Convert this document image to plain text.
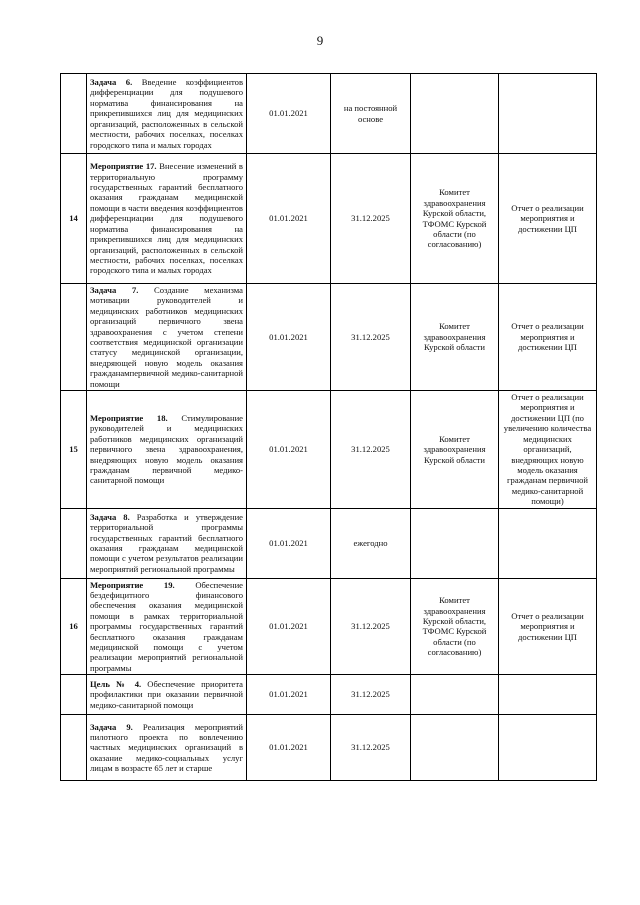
9
	Задача 6. Введение коэффициентов дифференциации для подушевого норматива финансирования на прикрепившихся лиц для медицинских организаций, расположенных в сельской местности, рабочих поселках, поселках городского типа и малых городах	01.01.2021	на постоянной основе		
14	Мероприятие 17. Внесение изменений в территориальную программу государственных гарантий бесплатного оказания гражданам медицинской помощи в части введения коэффициентов дифференциации для подушевого норматива финансирования на прикрепившихся лиц для медицинских организаций, расположенных в сельской местности, рабочих поселках, поселках городского типа и малых городах	01.01.2021	31.12.2025	Комитет здравоохранения Курской области, ТФОМС Курской области (по согласованию)	Отчет о реализации мероприятия и достижении ЦП
	Задача 7. Создание механизма мотивации руководителей и медицинских работников медицинских организаций первичного звена здравоохранения с учетом степени соответствия медицинской организации статусу медицинской организации, внедряющей новую модель оказания гражданампервичной медико-санитарной помощи	01.01.2021	31.12.2025	Комитет здравоохранения Курской области	Отчет о реализации мероприятия и достижении ЦП
15	Мероприятие 18. Стимулирование руководителей и медицинских работников медицинских организаций первичного звена здравоохранения, внедряющих новую модель оказания гражданам первичной медико-санитарной помощи	01.01.2021	31.12.2025	Комитет здравоохранения Курской области	Отчет о реализации мероприятия и достижении ЦП (по увеличению количества медицинских организаций, внедряющих новую модель оказания гражданам первичной медико-санитарной помощи)
	Задача 8. Разработка и утверждение территориальной программы государственных гарантий бесплатного оказания гражданам медицинской помощи с учетом результатов реализации мероприятий региональной программы	01.01.2021	ежегодно		
16	Мероприятие 19. Обеспечение бездефицитного финансового обеспечения оказания медицинской помощи в рамках территориальной программы государственных гарантий бесплатного оказания гражданам медицинской помощи с учетом реализации мероприятий региональной программы	01.01.2021	31.12.2025	Комитет здравоохранения Курской области, ТФОМС Курской области (по согласованию)	Отчет о реализации мероприятия и достижении ЦП
	Цель № 4. Обеспечение приоритета профилактики при оказании первичной медико-санитарной помощи	01.01.2021	31.12.2025		
	Задача 9. Реализация мероприятий пилотного проекта по вовлечению частных медицинских организаций в оказание медико-социальных услуг лицам в возрасте 65 лет и старше	01.01.2021	31.12.2025		
